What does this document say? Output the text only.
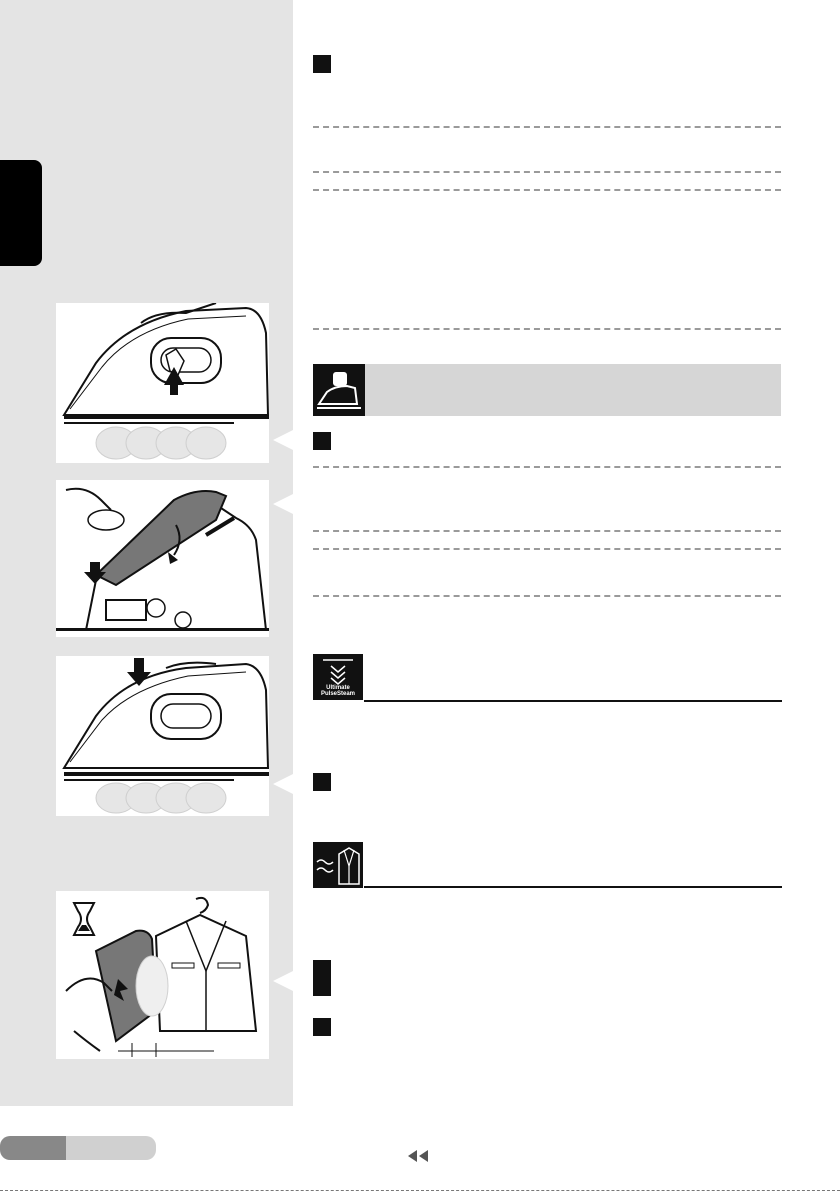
Ultimate PulseSteam
